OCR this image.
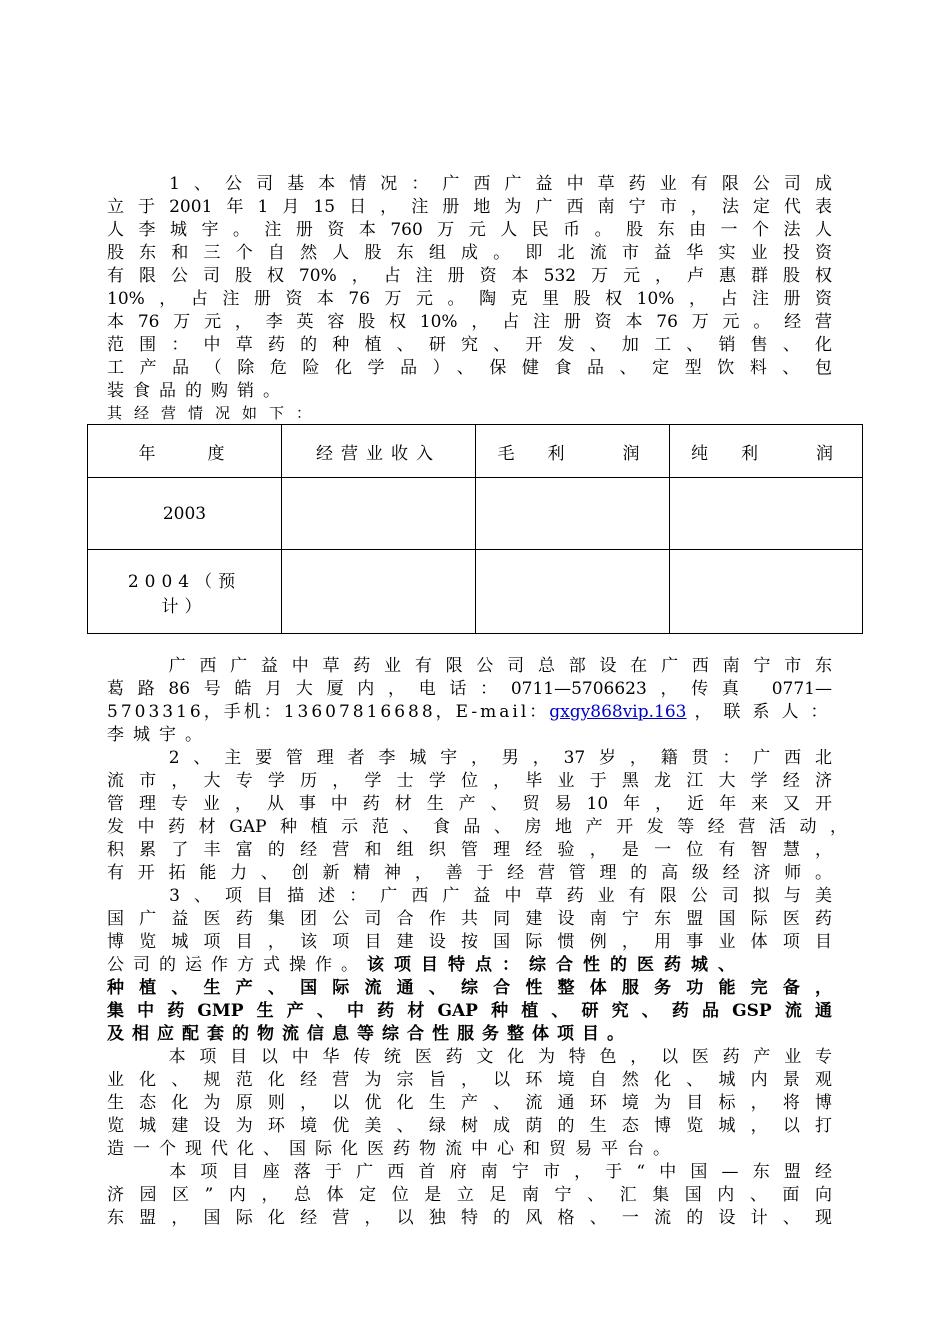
　　1、公司基本情况：广西广益中草药业有限公司成
立于2001年1月15日，注册地为广西南宁市，法定代表
人李城宇。注册资本760万元人民币。股东由一个法人
股东和三个自然人股东组成。即北流市益华实业投资
有限公司股权70%，占注册资本532万元，卢惠群股权
10%，占注册资本76万元。陶克里股权10%，占注册资
本76万元，李英容股权10%，占注册资本76万元。经营
范围：中草药的种植、研究、开发、加工、销售、化
工产品（除危险化学品）、保健食品、定型饮料、包
装食品的购销。
其经营情况如下：
年　　度	经营业收入	毛　利　　润	纯　利　　润
2003			

2004（预
计）			

　　广西广益中草药业有限公司总部设在广西南宁市东
葛路86号皓月大厦内，电话：0711—5706623，传真 0771—
5703316，手机：13607816688，E-mail：gxgy868vip.163 ，联系人：
李城宇。
　　2、主要管理者李城宇，男，37岁，籍贯：广西北
流市，大专学历，学士学位，毕业于黑龙江大学经济
管理专业，从事中药材生产、贸易10年，近年来又开
发中药材GAP种植示范、食品、房地产开发等经营活动，
积累了丰富的经营和组织管理经验，是一位有智慧，
有开拓能力、创新精神，善于经营管理的高级经济师。
　　3、项目描述：广西广益中草药业有限公司拟与美
国广益医药集团公司合作共同建设南宁东盟国际医药
博览城项目，该项目建设按国际惯例，用事业体项目
公司的运作方式操作。该项目特点：综合性的医药城、
种植、生产、国际流通、综合性整体服务功能完备，
集中药GMP生产、中药材GAP种植、研究、药品GSP流通
及相应配套的物流信息等综合性服务整体项目。
　　本项目以中华传统医药文化为特色，以医药产业专
业化、规范化经营为宗旨，以环境自然化、城内景观
生态化为原则，以优化生产、流通环境为目标，将博
览城建设为环境优美、绿树成荫的生态博览城，以打
造一个现代化、国际化医药物流中心和贸易平台。
　　本项目座落于广西首府南宁市，于“中国—东盟经
济园区”内，总体定位是立足南宁、汇集国内、面向
东盟，国际化经营，以独特的风格、一流的设计、现
